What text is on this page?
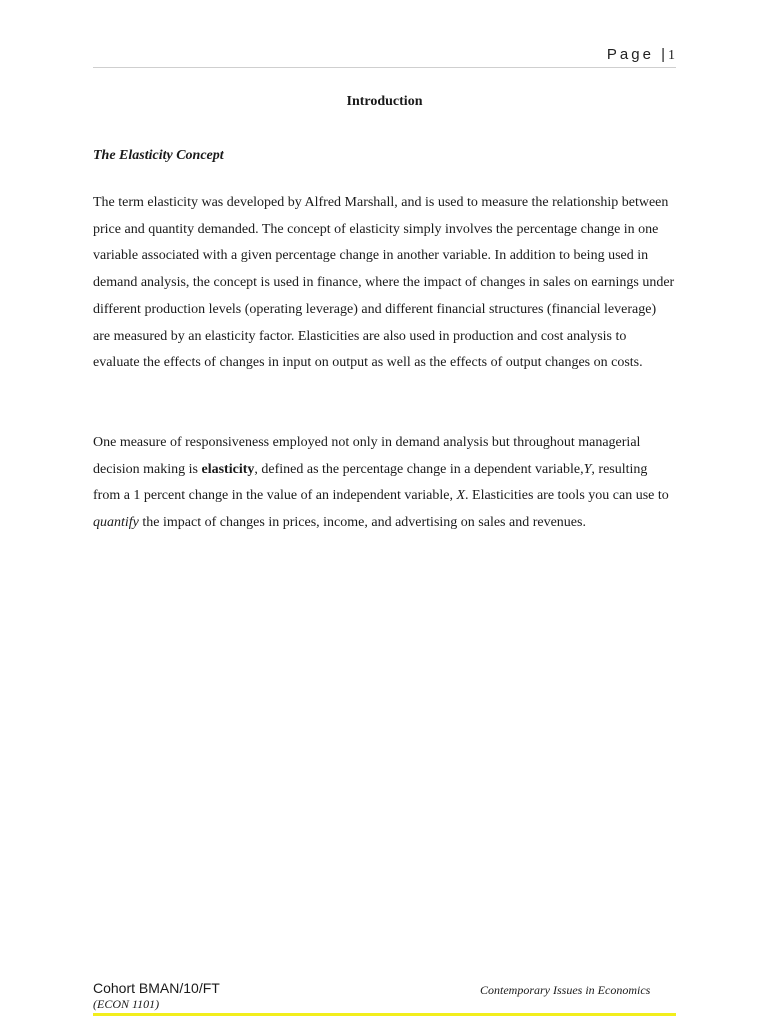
Page |1

Introduction

The Elasticity Concept

The term elasticity was developed by Alfred Marshall, and is used to measure the relationship between price and quantity demanded. The concept of elasticity simply involves the percentage change in one variable associated with a given percentage change in another variable. In addition to being used in demand analysis, the concept is used in finance, where the impact of changes in sales on earnings under different production levels (operating leverage) and different financial structures (financial leverage) are measured by an elasticity factor. Elasticities are also used in production and cost analysis to evaluate the effects of changes in input on output as well as the effects of output changes on costs.

One measure of responsiveness employed not only in demand analysis but throughout managerial decision making is elasticity, defined as the percentage change in a dependent variable,Y, resulting from a 1 percent change in the value of an independent variable, X. Elasticities are tools you can use to quantify the impact of changes in prices, income, and advertising on sales and revenues.

Cohort BMAN/10/FT	Contemporary Issues in Economics
(ECON 1101)
